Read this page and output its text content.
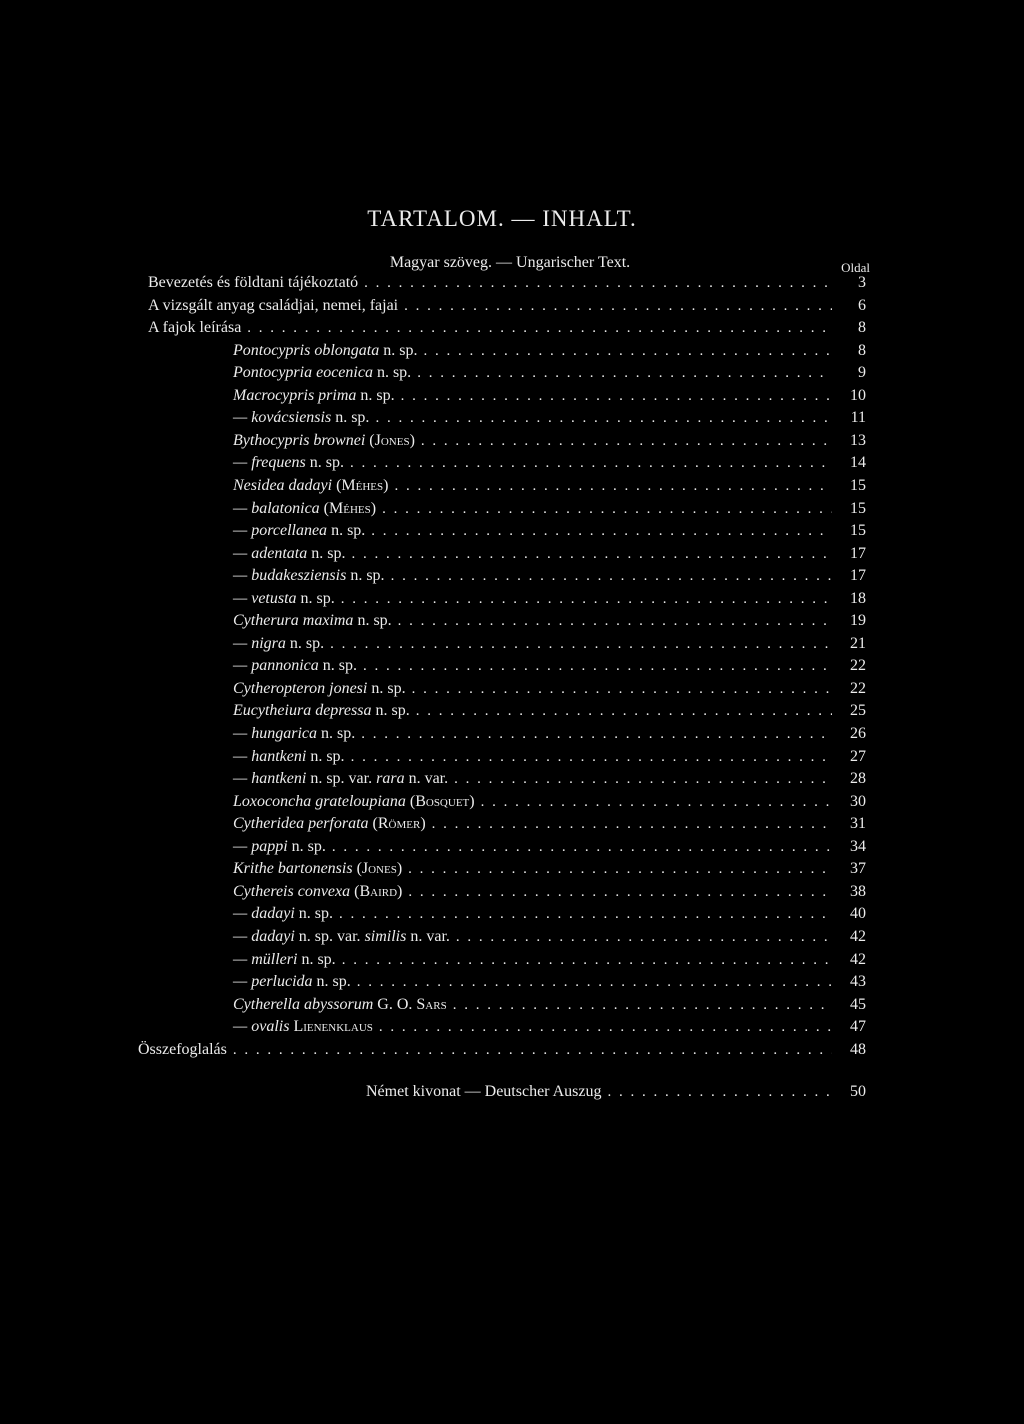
TARTALOM. — INHALT.
Magyar szöveg. — Ungarischer Text.	Oldal
Bevezetés és földtani tájékoztató . . .	3
A vizsgált anyag családjai, nemei, fajai . . .	6
A fajok leírása . . .	8
Pontocypris oblongata n. sp. . . .	8
Pontocypria eocenica n. sp. . . .	9
Macrocypris prima n. sp. . . .	10
— kovácsiensis n. sp. . . .	11
Bythocypris brownei (Jones) . . .	13
— frequens n. sp. . . .	14
Nesidea dadayi (Méhes) . . .	15
— balatonica (Méhes) . . .	15
— porcellanea n. sp. . . .	15
— adentata n. sp. . . .	17
— budakesziensis n. sp. . . .	17
— vetusta n. sp. . . .	18
Cytherura maxima n. sp. . . .	19
— nigra n. sp. . . .	21
— pannonica n. sp. . . .	22
Cytheropteron jonesi n. sp. . . .	22
Eucytheiura depressa n. sp. . . .	25
— hungarica n. sp. . . .	26
— hantkeni n. sp. . . .	27
— hantkeni n. sp. var. rara n. var. . . .	28
Loxoconcha grateloupiana (Bosquet) . . .	30
Cytheridea perforata (Römer) . . .	31
— pappi n. sp. . . .	34
Krithe bartonensis (Jones) . . .	37
Cythereis convexa (Baird) . . .	38
— dadayi n. sp. . . .	40
— dadayi n. sp. var. similis n. var. . . .	42
— mülleri n. sp. . . .	42
— perlucida n. sp. . . .	43
Cytherella abyssorum G. O. Sars . . .	45
— ovalis Lienenklaus . . .	47
Összefoglalás . . .	48
Német kivonat — Deutscher Auszug . . .	50
